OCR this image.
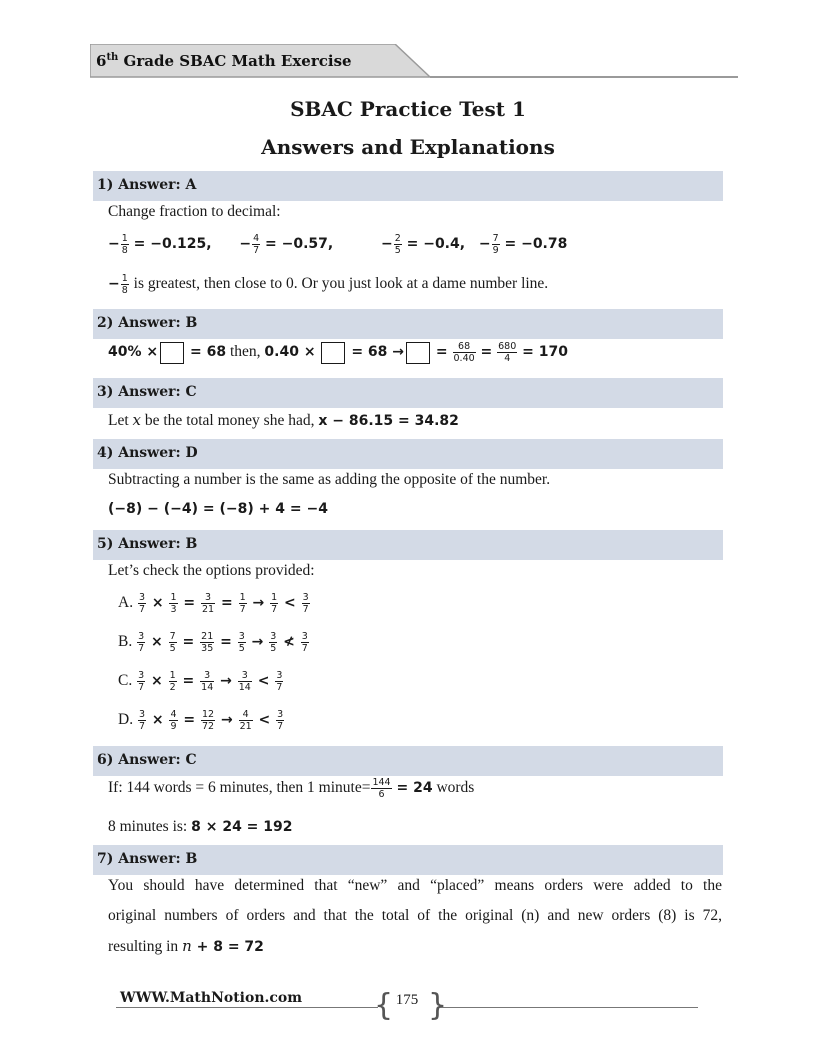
6th Grade SBAC Math Exercise
SBAC Practice Test 1
Answers and Explanations
1) Answer: A
Change fraction to decimal:
− $\frac{1}{8} = -0.125$, − $\frac{4}{7} = -0.57$,	− $\frac{2}{5} = -0.4$, − $\frac{7}{9} = -0.78$
− $\frac{1}{8}$ is greatest, then close to 0. Or you just look at a dame number line.
2) Answer: B
40% × = 68 then, 0.40 ×	= 68 → = $\frac{68}{0.40} = \frac{680}{4} = 170$
3) Answer: C
Let x be the total money she had, x − 86.15 = 34.82
4) Answer: D
Subtracting a number is the same as adding the opposite of the number.
(−8) − (−4) = (−8) + 4 = −4
5) Answer: B
Let’s check the options provided:
A. $\frac{3}{7} \times \frac{1}{3} = \frac{3}{21} = \frac{1}{7} \to \frac{1}{7} < \frac{3}{7}$
B. $\frac{3}{7} \times \frac{7}{5} = \frac{21}{35} = \frac{3}{5} \to \frac{3}{5}$ ≮ $\frac{3}{7}$
C. $\frac{3}{7} \times \frac{1}{2} = \frac{3}{14} \to \frac{3}{14} < \frac{3}{7}$
D. $\frac{3}{7} \times \frac{4}{9} = \frac{12}{72} \to \frac{4}{21} < \frac{3}{7}$
6) Answer: C
If: 144 words = 6 minutes, then 1 minute= $\frac{144}{6} = 24$ words
8 minutes is: 8 × 24 = 192
7) Answer: B
You should have determined that “new” and “placed” means orders were added to the
original numbers of orders and that the total of the original (n) and new orders (8) is 72,
resulting in n + 8 = 72
WWW.MathNotion.com { }
175
